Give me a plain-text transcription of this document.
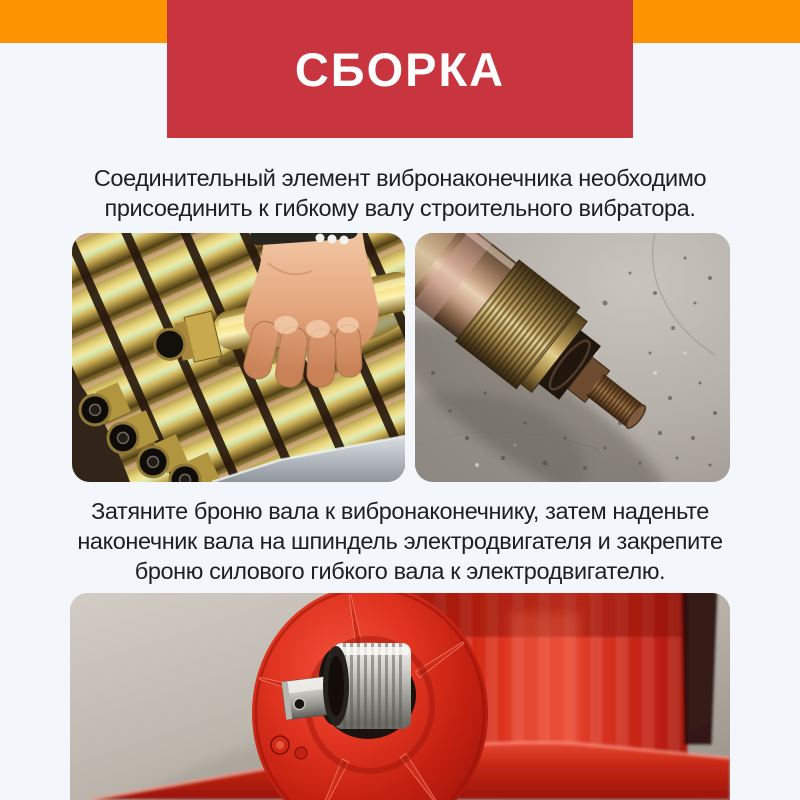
СБОРКА

Соединительный элемент вибронаконечника необходимо
присоединить к гибкому валу строительного вибратора.

Затяните броню вала к вибронаконечнику, затем наденьте
наконечник вала на шпиндель электродвигателя и закрепите
броню силового гибкого вала к электродвигателю.
